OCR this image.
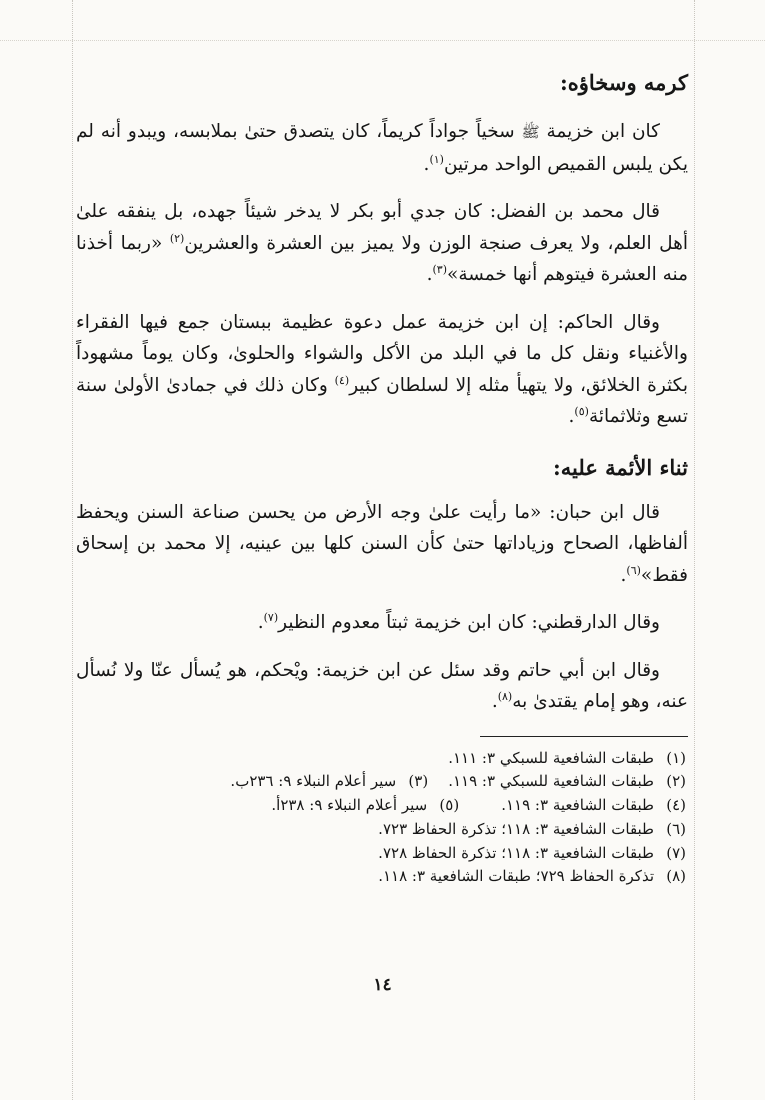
كرمه وسخاؤه:

كان ابن خزيمة ﷺ سخياً جواداً كريماً، كان يتصدق حتىٰ بملابسه، ويبدو أنه لم يكن يلبس القميص الواحد مرتين$^{(١)}$.

قال محمد بن الفضل: كان جدي أبو بكر لا يدخر شيئاً جهده، بل ينفقه علىٰ أهل العلم، ولا يعرف صنجة الوزن ولا يميز بين العشرة والعشرين$^{(٢)}$ «ربما أخذنا منه العشرة فيتوهم أنها خمسة»$^{(٣)}$.

وقال الحاكم: إن ابن خزيمة عمل دعوة عظيمة ببستان جمع فيها الفقراء والأغنياء ونقل كل ما في البلد من الأكل والشواء والحلوىٰ، وكان يوماً مشهوداً بكثرة الخلائق، ولا يتهيأ مثله إلا لسلطان كبير$^{(٤)}$ وكان ذلك في جمادىٰ الأولىٰ سنة تسع وثلاثمائة$^{(٥)}$.

ثناء الأئمة عليه:

قال ابن حبان: «ما رأيت علىٰ وجه الأرض من يحسن صناعة السنن ويحفظ ألفاظها، الصحاح وزياداتها حتىٰ كأن السنن كلها بين عينيه، إلا محمد بن إسحاق فقط»$^{(٦)}$.

وقال الدارقطني: كان ابن خزيمة ثبتاً معدوم النظير$^{(٧)}$.

وقال ابن أبي حاتم وقد سئل عن ابن خزيمة: ويْحكم، هو يُسأل عنّا ولا نُسأل عنه، وهو إمام يقتدىٰ به$^{(٨)}$.

(١)
طبقات الشافعية للسبكي ٣: ١١١.
(٢)
طبقات الشافعية للسبكي ٣: ١١٩.
(٣)
سير أعلام النبلاء ٩: ٢٣٦ب.
(٤)
طبقات الشافعية ٣: ١١٩.
(٥)
سير أعلام النبلاء ٩: ٢٣٨أ.
(٦)
طبقات الشافعية ٣: ١١٨؛ تذكرة الحفاظ ٧٢٣.
(٧)
طبقات الشافعية ٣: ١١٨؛ تذكرة الحفاظ ٧٢٨.
(٨)
تذكرة الحفاظ ٧٢٩؛ طبقات الشافعية ٣: ١١٨.
١٤
